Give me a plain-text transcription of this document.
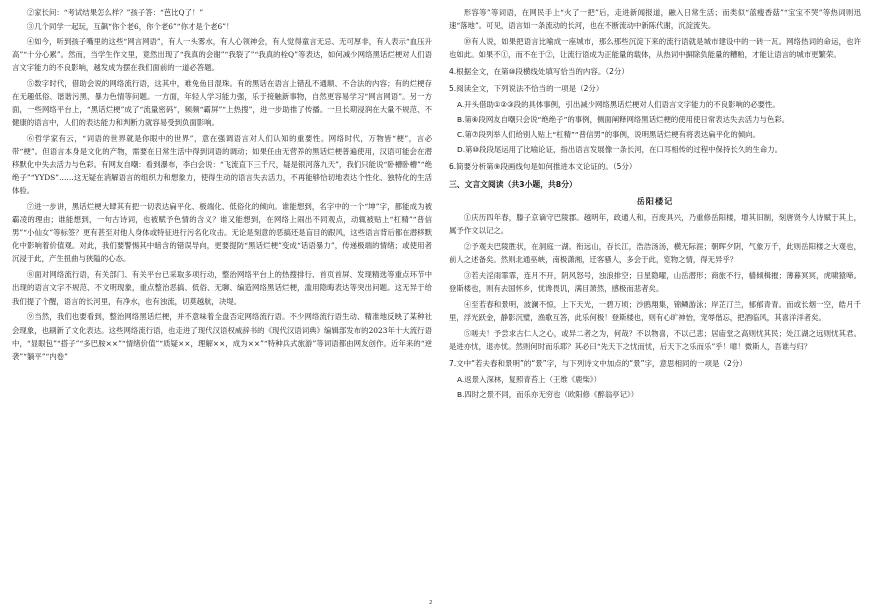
②家长问：“考试结果怎么样？”孩子答：“芭比Q了！”

③几个同学一起玩，互飙“你个老6，你个老6”“你才是个老6”！

④如今，听到孩子嘴里的这些“网言网语”，有人一头雾水，有人心领神会，有人觉得童言无忌、无可厚非，有人表示“血压升高”“十分心累”。然而，当学生作文里，竟然出现了“我真的会谢”“我裂了”“我真的栓Q”等表达，如何减少网络黑话烂梗对人们语言文字能力的不良影响，越发成为摆在我们面前的一道必答题。

⑤数字时代，借助会说的网络流行语，这其中，难免鱼目混珠。有的黑话在语言上错乱不通顺、不合法的内容；有的烂梗存在无趣低俗、谐谐污黑、暴力色情等问题。一方面，年轻人学习能力强，乐于接触新事物，自然更容易学习“网言网语”。另一方面，一些网络平台上，“黑话烂梗”成了“流量密码”，频频“霸屏”“上热搜”，进一步助推了传播。一旦长期浸润在大量不规范、不健康的语言中，人们的表达能力和判断力就容易受到负面影响。

⑥哲学家有云，“词语的世界就是你眼中的世界”，意在强调语言对人们认知的重要性。网络时代，万物皆“梗”，言必带“梗”。但语言本身是文化的产物，需要在日常生活中得到词语的调动；如果任由无营养的黑话烂梗普遍使用，汉语可能会在潜移默化中失去活力与色彩。有网友自嘲：看到瀑布，李白会说：“飞流直下三千尺，疑是银河落九天”，我们只能说“卧槽卧槽”“绝绝子”“YYDS”……这无疑在消解语言的组织力和想象力，使得生动的语言失去活力，不再能够恰切地表达个性化、独特化的生活体验。

⑦进一步讲，黑话烂梗大肆其有把一切表达扁平化、极端化、低俗化的倾向。谁能想到，名字中的一个“坤”字，都能成为被霸凌的理由；谁能想到，一句古诗词，也被赋予色情的含义？谁又能想到，在网络上闹出不同观点，动辄被贴上“杠精”“普信男”“小仙女”等标签？更有甚至对他人身体或特征进行污名化攻击。无论是刻意的恶搞还是盲目的跟风，这些语言背后都在潜移默化中影响着价值观。对此，我们要警惕其中暗含的错误导向，更要提防“黑话烂梗”变成“话语暴力”，传递极端的情绪；或使用者沉浸于此，产生扭曲与狭隘的心态。

⑧面对网络流行语，有关部门、有关平台已采取多项行动，整治网络平台上的热搜排行、首页首屏、发现精选等重点环节中出现的语言文字不规范、不文明现象，重点整治恶搞、低俗、无聊、编造网络黑话烂梗，滥用隐晦表达等突出问题。这无异于给我们提了个醒，语言的长河里，有净水，也有浊流，切莫越航，决堤。

⑨当然，我们也要看到，整治网络黑话烂梗，并不意味着全盘否定网络流行语。不少网络流行语生动、精准地反映了某种社会现象，也刷新了文化表达。这些网络流行语，也走进了现代汉语权威辞书的《现代汉语词典》编辑部发布的2023年十大流行语中，“显眼包”“搭子”“多巴胺××”“情绪价值”“质疑××，理解××，成为××”“特种兵式旅游”等词语都由网友创作。近年来的“逆袭”“躺平”“内卷”

形容等”等词语，在网民手上“火了一把”后，走进新闻报道，融入日常生活；而类似“蓝瘦香菇”“宝宝不哭”等热词则迅速“落地”。可见，语言如一条流动的长河，也在不断流动中新陈代谢，沉淀流失。

⑩有人说，如果把语言比喻成一座城市，那么那些沉淀下来的流行语就是城市建设中的一砖一瓦。网络热词的命运，也许也如此。如果不①，而不在于②，让流行语成为正能量的载体，从热词中摒除负能量的糟粕，才能让语言的城市更繁荣。

4.根据全文，在第⑩段横线处填写恰当的内容。（2分）
5.阅读全文，下列说法不恰当的一项是（2分）
A.开头借助①②③段的具体事例，引出减少网络黑话烂梗对人们语言文字能力的不良影响的必要性。
B.第⑥段网友自嘲只会说“绝绝子”的事例，侧面阐释网络黑话烂梗的使用使日常表达失去活力与色彩。
C.第⑦段列举人们给别人贴上“杠精”“普信男”的事例，说明黑话烂梗有将表达扁平化的倾向。
D.第⑩段段尾运用了比喻论证，指出语言发展像一条长河，在口耳相传的过程中保持长久的生命力。
6.简要分析第⑨段画线句是如何推进本文论证的。（5分）
三、文言文阅读（共3小题，共8分）
岳阳楼记

①庆历四年春，滕子京谪守巴陵郡。越明年，政通人和，百废具兴，乃重修岳阳楼，增其旧制，刻唐贤今人诗赋于其上，属予作文以记之。

②予观夫巴陵胜状，在洞庭一湖。衔远山，吞长江，浩浩汤汤，横无际涯；朝晖夕阴，气象万千，此则岳阳楼之大观也，前人之述备矣。然则北通巫峡，南极潇湘，迁客骚人，多会于此，览物之情，得无异乎？

③若夫淫雨霏霏，连月不开，阴风怒号，浊浪排空；日星隐曜，山岳潜形；商旅不行，樯倾楫摧；薄暮冥冥，虎啸猿啼。登斯楼也，则有去国怀乡，忧谗畏讥，满目萧然，感极而悲者矣。

④至若春和景明，波澜不惊，上下天光，一碧万顷；沙鸥翔集，锦鳞游泳；岸芷汀兰，郁郁青青。而或长烟一空，皓月千里，浮光跃金，静影沉璧，渔歌互答，此乐何极！登斯楼也，则有心旷神怡，宠辱偕忘，把酒临风，其喜洋洋者矣。

⑤嗟夫！予尝求古仁人之心，或异二者之为，何哉？不以物喜，不以己悲；居庙堂之高则忧其民；处江湖之远则忧其君。是进亦忧，退亦忧。然则何时而乐耶？其必曰“先天下之忧而忧，后天下之乐而乐”乎！噫！微斯人，吾谁与归？

7.文中“若夫春和景明”的“景”字，与下列诗文中加点的“景”字，意思相同的一项是（2分）
A.返景入深林，复照青苔上（王维《鹿柴》）
B.四时之景不同，而乐亦无穷也（欧阳修《醉翁亭记》）
2
